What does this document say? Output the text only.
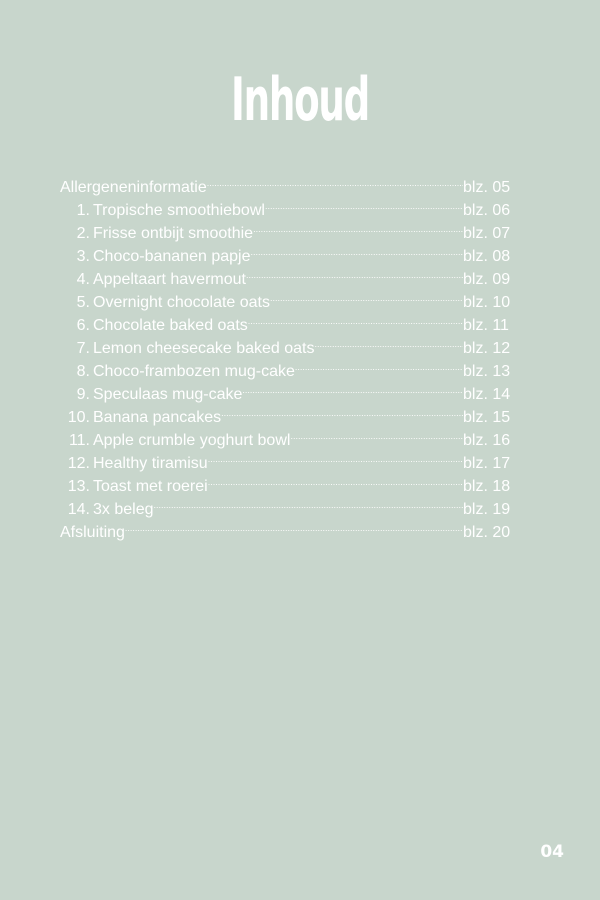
Inhoud
Allergeneninformatie .....	blz. 05
1. Tropische smoothiebowl .....	blz. 06
2. Frisse ontbijt smoothie .....	blz. 07
3. Choco-bananen papje .....	blz. 08
4. Appeltaart havermout .....	blz. 09
5. Overnight chocolate oats .....	blz. 10
6. Chocolate baked oats .....	blz. 11
7. Lemon cheesecake baked oats .....	blz. 12
8. Choco-frambozen mug-cake .....	blz. 13
9. Speculaas mug-cake .....	blz. 14
10. Banana pancakes .....	blz. 15
11. Apple crumble yoghurt bowl .....	blz. 16
12. Healthy tiramisu .....	blz. 17
13. Toast met roerei .....	blz. 18
14. 3x beleg .....	blz. 19
Afsluiting .....	blz. 20
04
